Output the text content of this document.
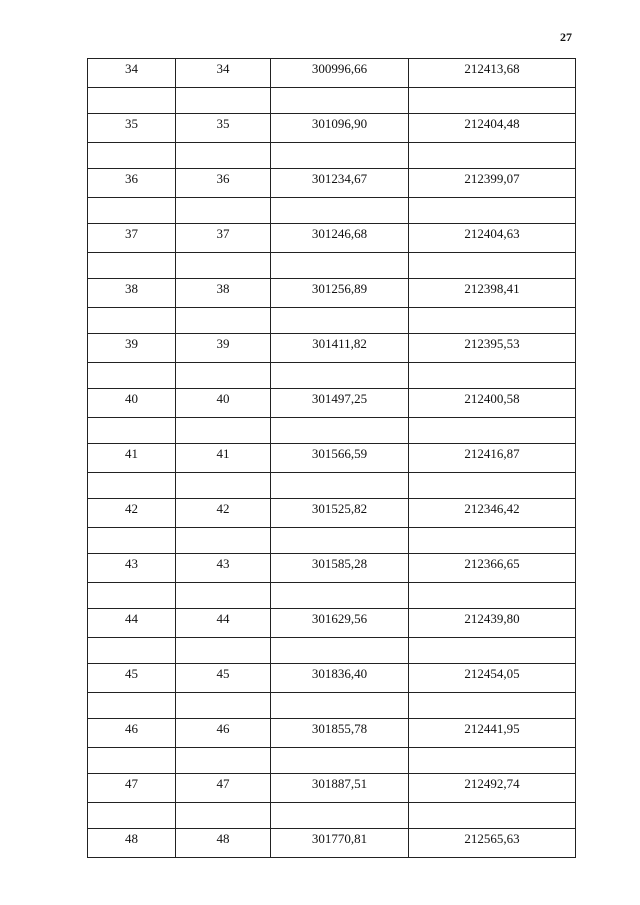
27
34	34	300996,66	212413,68

35	35	301096,90	212404,48

36	36	301234,67	212399,07

37	37	301246,68	212404,63

38	38	301256,89	212398,41

39	39	301411,82	212395,53

40	40	301497,25	212400,58

41	41	301566,59	212416,87

42	42	301525,82	212346,42

43	43	301585,28	212366,65

44	44	301629,56	212439,80

45	45	301836,40	212454,05

46	46	301855,78	212441,95

47	47	301887,51	212492,74

48	48	301770,81	212565,63
